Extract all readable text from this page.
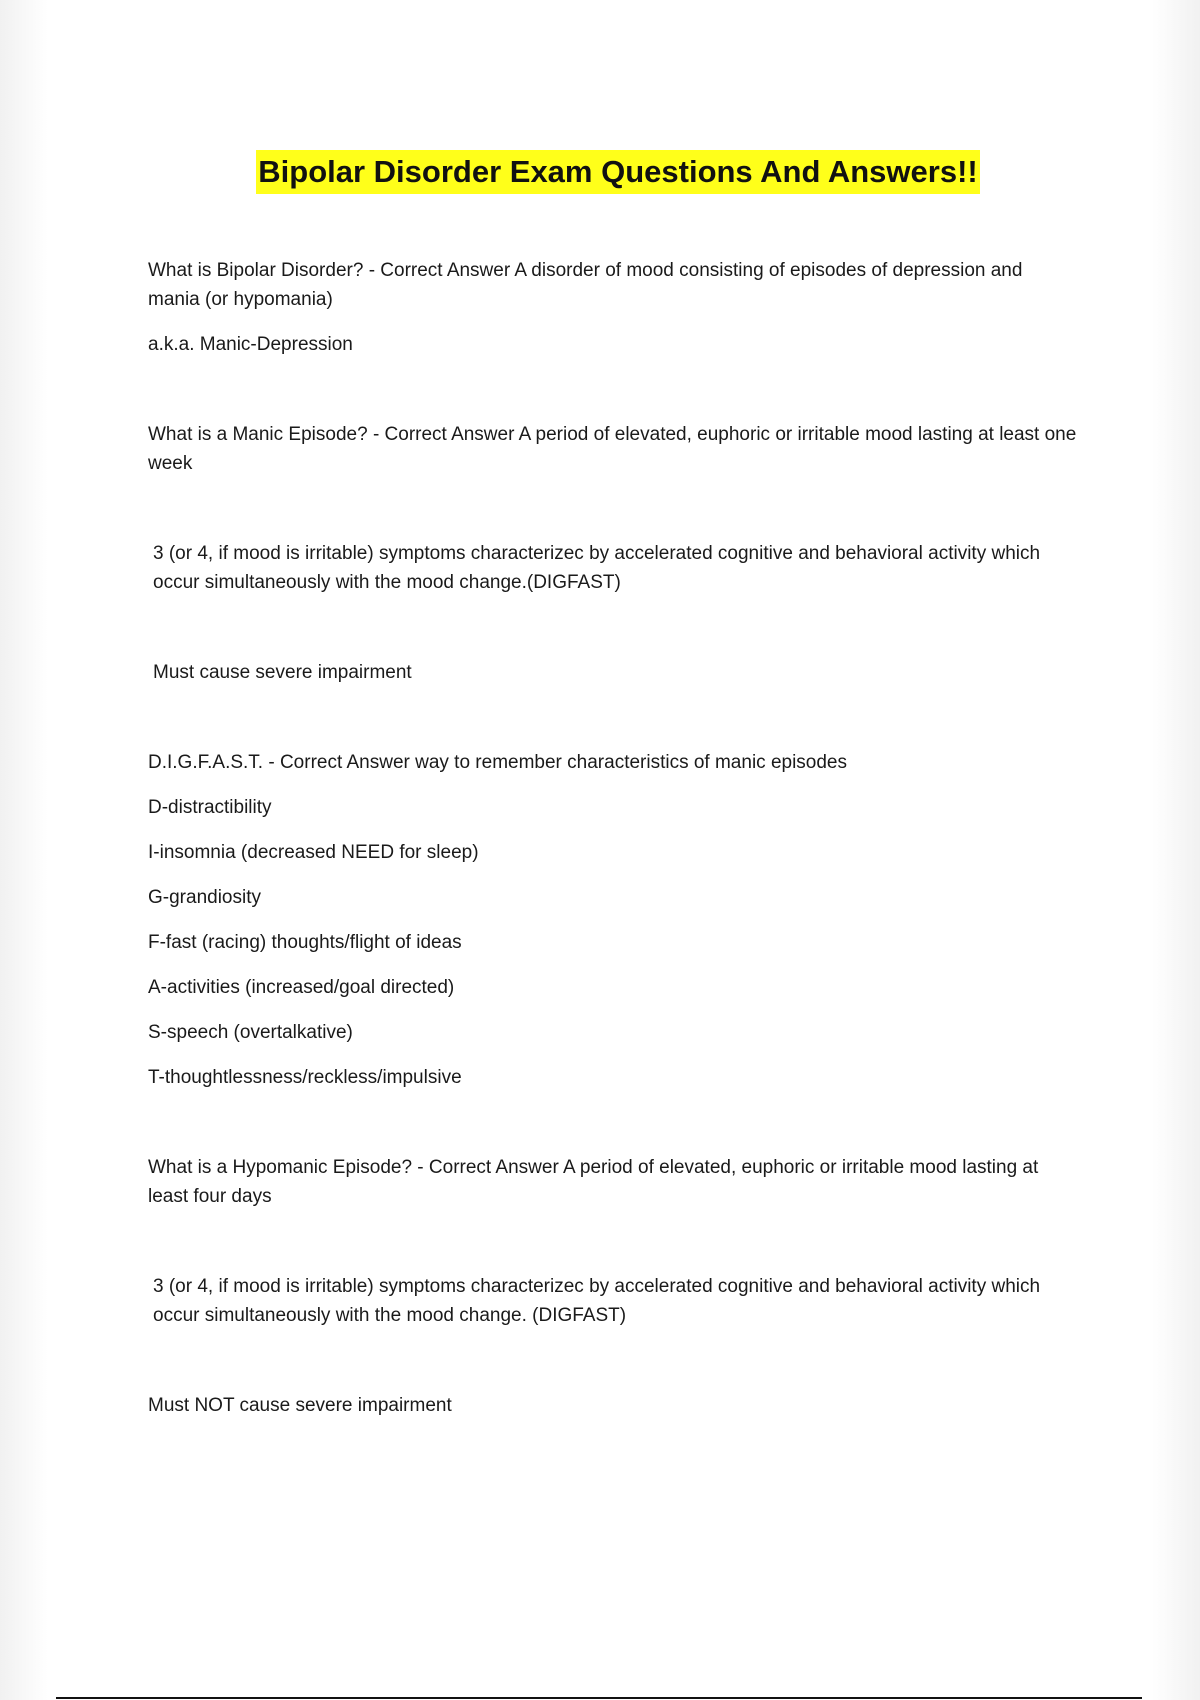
Bipolar Disorder Exam Questions And Answers!!

What is Bipolar Disorder? - Correct Answer A disorder of mood consisting of episodes of depression and mania (or hypomania)

a.k.a. Manic-Depression

What is a Manic Episode? - Correct Answer A period of elevated, euphoric or irritable mood lasting at least one week

3 (or 4, if mood is irritable) symptoms characterizec by accelerated cognitive and behavioral activity which occur simultaneously with the mood change.(DIGFAST)

Must cause severe impairment

D.I.G.F.A.S.T. - Correct Answer way to remember characteristics of manic episodes

D-distractibility

I-insomnia (decreased NEED for sleep)

G-grandiosity

F-fast (racing) thoughts/flight of ideas

A-activities (increased/goal directed)

S-speech (overtalkative)

T-thoughtlessness/reckless/impulsive

What is a Hypomanic Episode? - Correct Answer A period of elevated, euphoric or irritable mood lasting at least four days

3 (or 4, if mood is irritable) symptoms characterizec by accelerated cognitive and behavioral activity which occur simultaneously with the mood change. (DIGFAST)

Must NOT cause severe impairment
